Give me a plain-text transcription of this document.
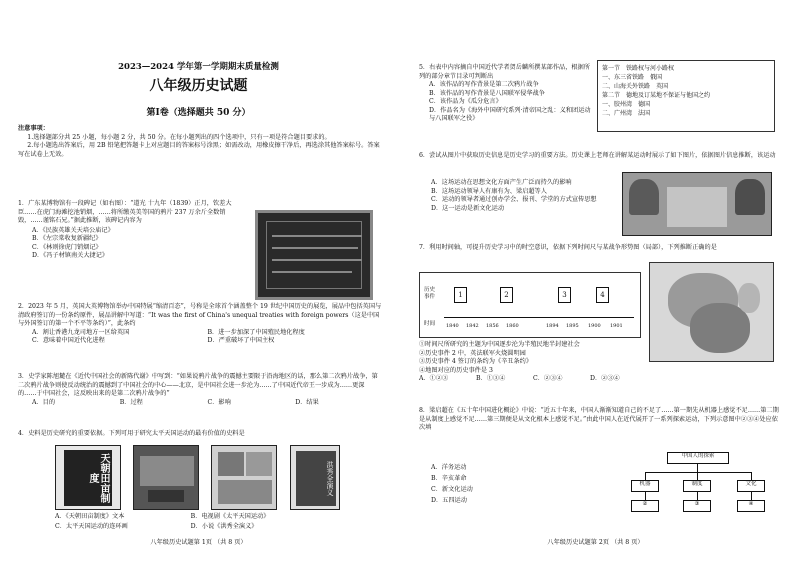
2023—2024 学年第一学期期末质量检测
八年级历史试题
第Ⅰ卷（选择题共 50 分）
注意事项：
1.选择题部分共 25 小题，每小题 2 分，共 50 分。在每小题列出的四个选项中，只有一项是符合题目要求的。
2.每小题选出答案后，用 2B 铅笔把答题卡上对应题目的答案标号涂黑；如需改动，用橡皮擦干净后，再选涂其他答案标号。答案写在试卷上无效。
1．广东某博物馆有一段碑记（如右图）：“道光 十九年（1839）正月，钦差大臣……在虎门海滩挖池销烟，……将所缴英美等国的鸦片 237 万余斤全数销毁，……谨铭石兄。”据此推断，该碑记内容为
A．《民族英雄关天培公庙记》
B．《左宗棠收复新疆纪》
C．《林则徐虎门销烟记》
D．《冯子材镇南关大捷记》
2．2023 年 5 月，英国大英博物馆举办中国特展“缩清百态”，号称是全球首个涵盖整个 19 世纪中国历史的展览，展品中包括英国与清政府签订的一份条约原件，展品讲解中写道：“It was the first of China's unequal treaties with foreign powers（这是中国与外国签订的第一个不平等条约）”，此条约
A．割让香港九龙司地方一区给英国	B．进一步加深了中国殖民地化程度
C．意味着中国近代化进程	D．严重破坏了中国主权
3．史学家陈旭麓在《近代中国社会的新陈代谢》中写到：“如果说鸦片战争的震撼主要限于沿海地区的话，那么第二次鸦片战争，第二次鸦片战争则使反动统治的震撼到了中国社会的中心——北京，是中国社会进一步沦为……了中国近代帝王一步成为……更深的……于中国社会，这反映出来的是第二次鸦片战争的”
A．目的	B．过程	C．影响	D．结果
4．史料是历史研究的重要依据。下列可用于研究太平天国运动的最有价值的史料是
天朝田亩制度	洪秀全演义
A．《天朝田亩制度》文本	B．电视剧《太平天国运动》
C．太平天国运动的连环画	D．小说《洪秀全演义》
八年级历史试题第 1页 （共 8 页）
5．右表中内容摘自中国近代学者贺岳麟所撰某部作品，根据所列的部分章节目录可判断出
A．该作品的写作背景是第二次鸦片战争
B．该作品的写作背景是八国联军侵华战争
C．该作品为《瓜分危言》
D．作品名为《海外中国研究系列·清帝国之乱：义和团运动与八国联军之役》
第一节　铁路权与河小路权
一、东三省铁路　俄国
二、山海关外铁路　英国
第二节　德地及订某地不保证与他国之约
一、胶州湾　德国
二、广州湾　法国
6．尝试从图片中获取历史信息是历史学习的重要方法。历史课上老师在讲解某运动时展示了如下图片，依据图片信息推断，该运动
A．这场运动在思想文化方面产生广泛而持久的影响
B．这场运动领导人有康有为、梁启超等人
C．运动的领导者通过创办学会、报刊、学堂的方式宣传思想
D．这一运动是新文化运动
7．利用时间轴，可提升历史学习中的时空意识，依据下列时间尺与某战争形势图（局部），下列推断正确的是
历史事件
时间
1	2	3	4
1840 1842 1856 1860	1894 1895 1900 1901
①时间尺所研究的主题为中国逐步沦为半殖民地半封建社会
②历史事件 2 中，英法联军火烧圆明园
③历史事件 4 签订的条约为《辛丑条约》
④地图对应的历史事件是 3
A．①②③	B．①③④	C．②③④	D．②③④
8．梁启超在《五十年中国进化概论》中说：“近五十年来，中国人渐渐知道自己的不足了……第一期先从机器上感觉不足……第二期是从制度上感觉不足……第三期便是从文化根本上感觉不足。”由此中国人在近代展开了一系列探索运动，下列示意图中②③④处应依次填
A．洋务运动
B．辛亥革命
C．新文化运动
D．五四运动
中国人的探索
机器	制度	文化
②	③	④
八年级历史试题第 2页 （共 8 页）
